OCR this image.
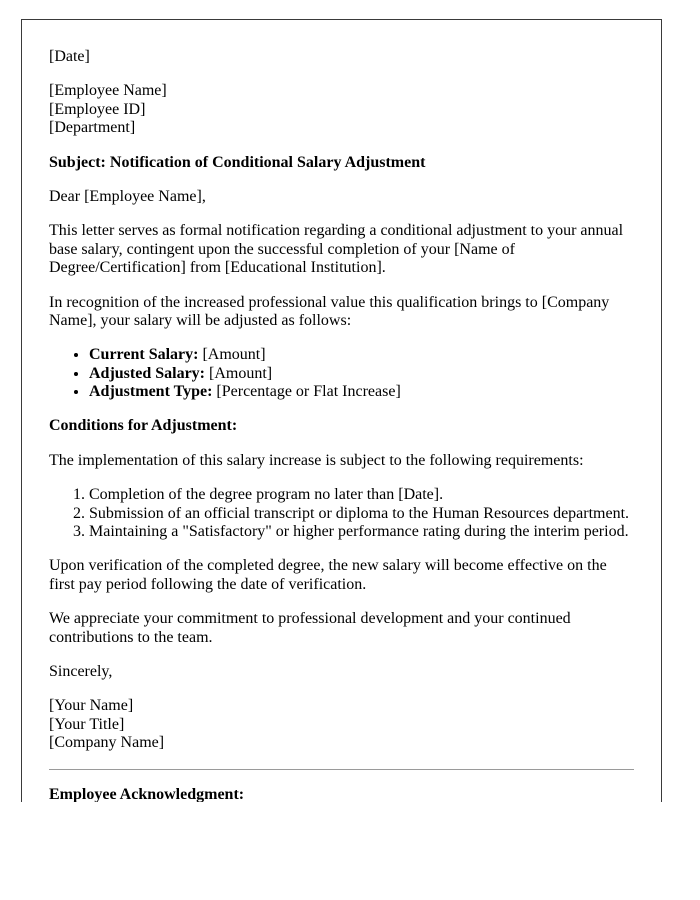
[Date]

[Employee Name]
[Employee ID]
[Department]

Subject: Notification of Conditional Salary Adjustment

Dear [Employee Name],

This letter serves as formal notification regarding a conditional adjustment to your annual base salary, contingent upon the successful completion of your [Name of Degree/Certification] from [Educational Institution].

In recognition of the increased professional value this qualification brings to [Company Name], your salary will be adjusted as follows:

• Current Salary: [Amount]
• Adjusted Salary: [Amount]
• Adjustment Type: [Percentage or Flat Increase]

Conditions for Adjustment:

The implementation of this salary increase is subject to the following requirements:

1. Completion of the degree program no later than [Date].
2. Submission of an official transcript or diploma to the Human Resources department.
3. Maintaining a "Satisfactory" or higher performance rating during the interim period.

Upon verification of the completed degree, the new salary will become effective on the first pay period following the date of verification.

We appreciate your commitment to professional development and your continued contributions to the team.

Sincerely,

[Your Name]
[Your Title]
[Company Name]

Employee Acknowledgment:
